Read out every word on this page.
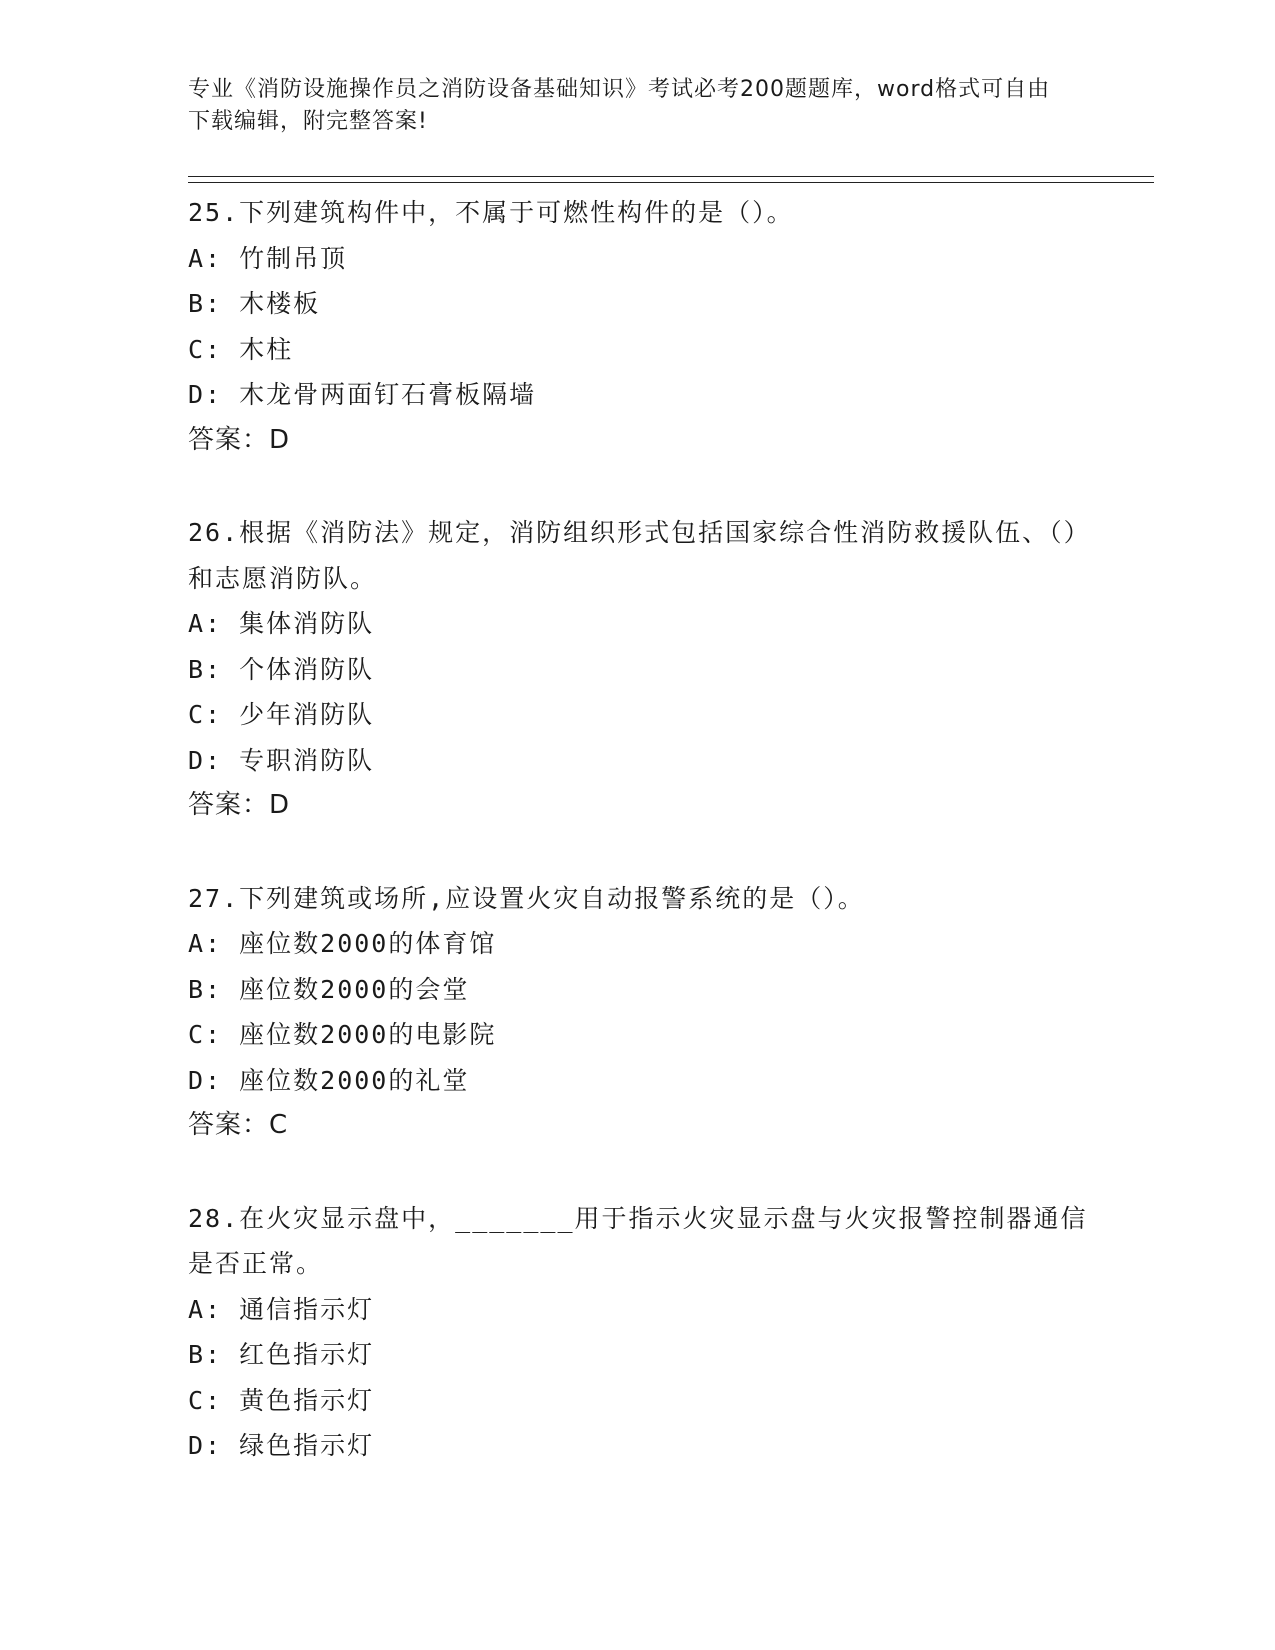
专业《消防设施操作员之消防设备基础知识》考试必考200题题库，word格式可自由下载编辑，附完整答案!

25.下列建筑构件中，不属于可燃性构件的是（）。
A: 竹制吊顶
B: 木楼板
C: 木柱
D: 木龙骨两面钉石膏板隔墙
答案：D
26.根据《消防法》规定，消防组织形式包括国家综合性消防救援队伍、（）和志愿消防队。
A: 集体消防队
B: 个体消防队
C: 少年消防队
D: 专职消防队
答案：D
27.下列建筑或场所,应设置火灾自动报警系统的是（）。
A: 座位数2000的体育馆
B: 座位数2000的会堂
C: 座位数2000的电影院
D: 座位数2000的礼堂
答案：C
28.在火灾显示盘中，_______用于指示火灾显示盘与火灾报警控制器通信是否正常。
A: 通信指示灯
B: 红色指示灯
C: 黄色指示灯
D: 绿色指示灯
